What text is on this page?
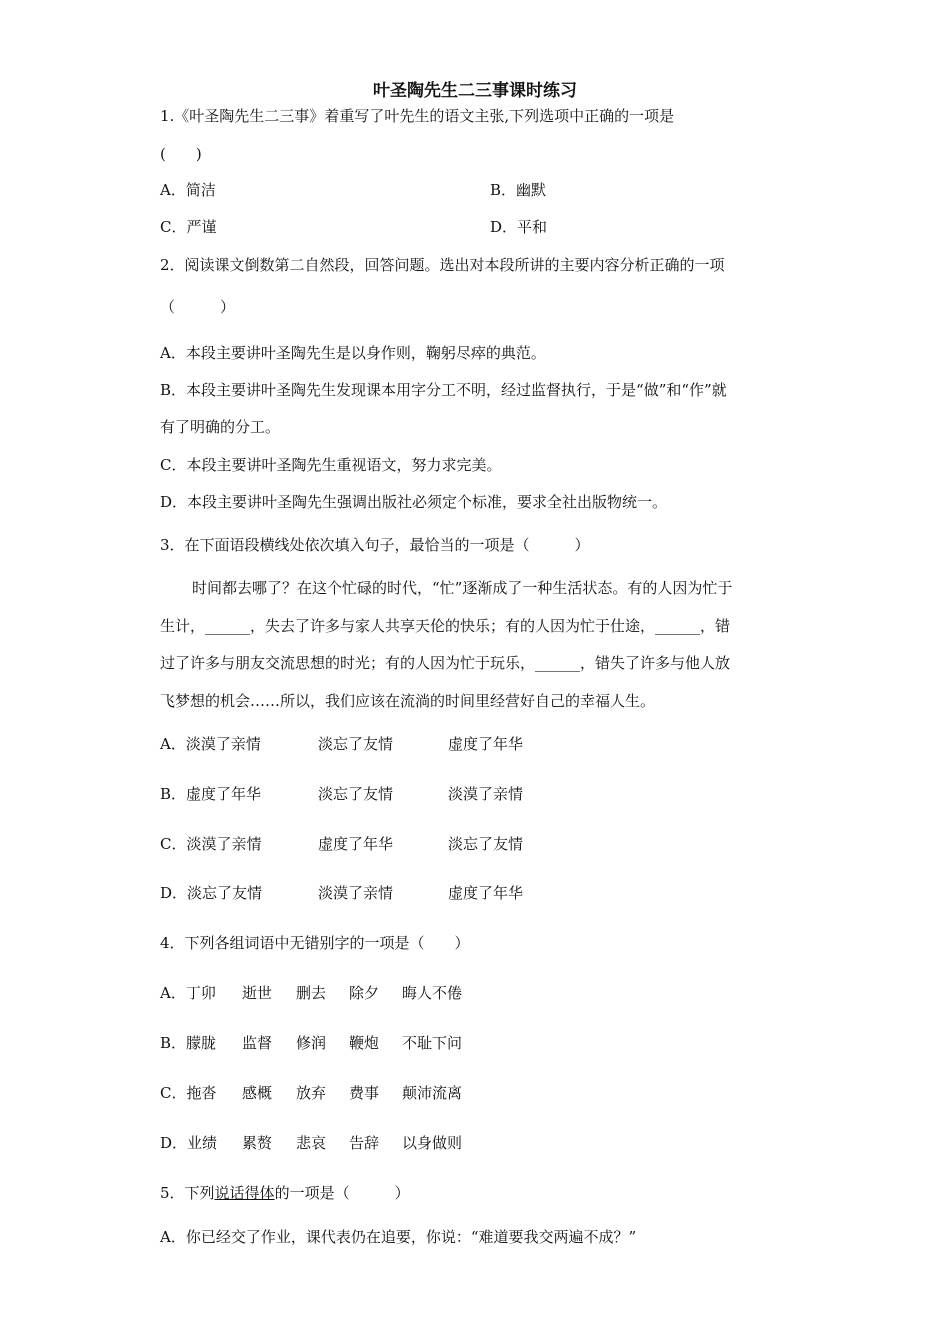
叶圣陶先生二三事课时练习
1.《叶圣陶先生二三事》着重写了叶先生的语文主张,下列选项中正确的一项是
(　　)
A．简洁	B．幽默
C．严谨	D．平和
2．阅读课文倒数第二自然段，回答问题。选出对本段所讲的主要内容分析正确的一项
（　　　）
A．本段主要讲叶圣陶先生是以身作则，鞠躬尽瘁的典范。
B．本段主要讲叶圣陶先生发现课本用字分工不明，经过监督执行，于是“做”和“作”就
有了明确的分工。
C．本段主要讲叶圣陶先生重视语文，努力求完美。
D．本段主要讲叶圣陶先生强调出版社必须定个标准，要求全社出版物统一。
3．在下面语段横线处依次填入句子，最恰当的一项是（　　　）
时间都去哪了？在这个忙碌的时代，“忙”逐渐成了一种生活状态。有的人因为忙于
生计，______，失去了许多与家人共享天伦的快乐；有的人因为忙于仕途，______，错
过了许多与朋友交流思想的时光；有的人因为忙于玩乐，______，错失了许多与他人放
飞梦想的机会……所以，我们应该在流淌的时间里经营好自己的幸福人生。
A．淡漠了亲情	淡忘了友情	虚度了年华
B．虚度了年华	淡忘了友情	淡漠了亲情
C．淡漠了亲情	虚度了年华	淡忘了友情
D．淡忘了友情	淡漠了亲情	虚度了年华
4．下列各组词语中无错别字的一项是（　　）
A．丁卯 逝世 删去 除夕 晦人不倦
B．朦胧 监督 修润 鞭炮 不耻下问
C．拖沓 感概 放弃 费事 颠沛流离
D．业绩 累赘 悲哀 告辞 以身做则
5．下列说话得体的一项是（　　　）
A．你已经交了作业，课代表仍在追要，你说：“难道要我交两遍不成？”
